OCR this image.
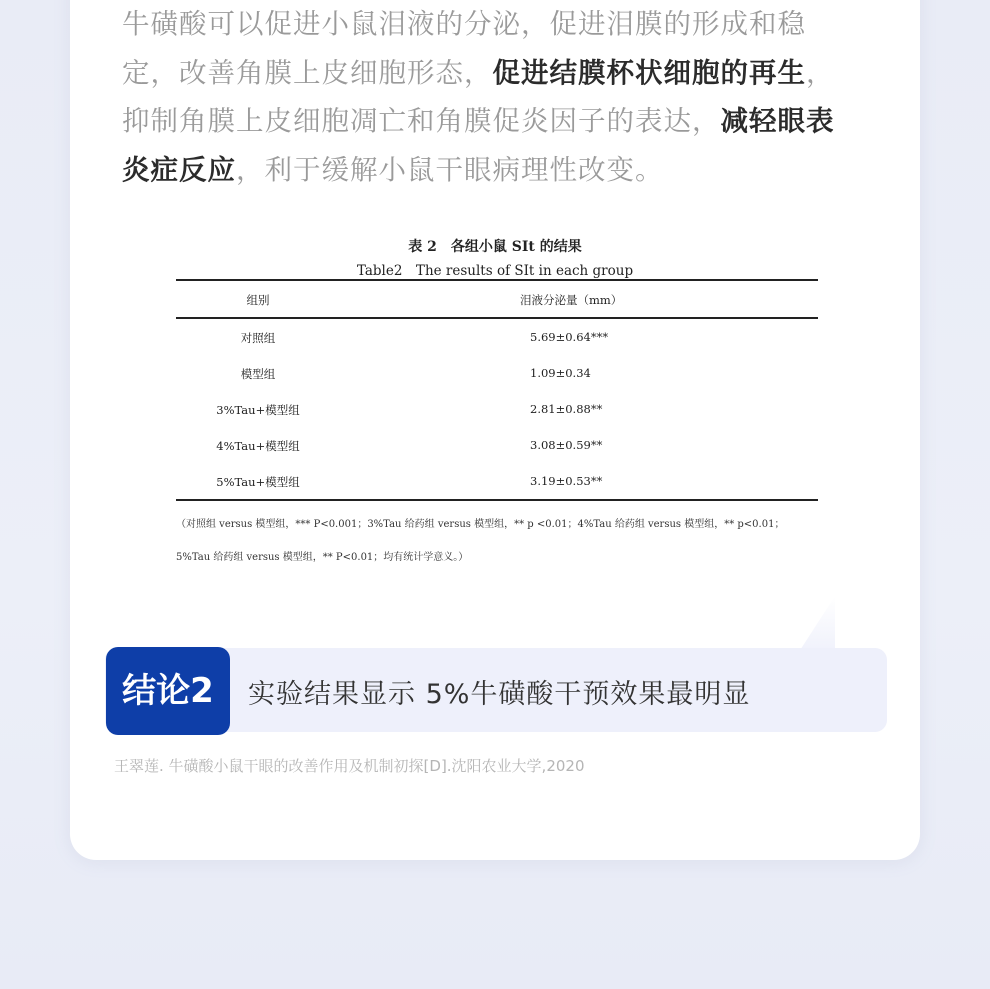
牛磺酸可以促进小鼠泪液的分泌，促进泪膜的形成和稳定，改善角膜上皮细胞形态，促进结膜杯状细胞的再生，抑制角膜上皮细胞凋亡和角膜促炎因子的表达，减轻眼表炎症反应，利于缓解小鼠干眼病理性改变。

表 2　各组小鼠 SIt 的结果
Table2　The results of SIt in each group
组别	泪液分泌量（mm）
对照组	5.69±0.64***
模型组	1.09±0.34
3%Tau+模型组	2.81±0.88**
4%Tau+模型组	3.08±0.59**
5%Tau+模型组	3.19±0.53**
（对照组 versus 模型组，*** P<0.001；3%Tau 给药组 versus 模型组，** p <0.01；4%Tau 给药组 versus 模型组，** p<0.01；
5%Tau 给药组 versus 模型组，** P<0.01；均有统计学意义。）
结论2	实验结果显示 5%牛磺酸干预效果最明显
王翠莲. 牛磺酸小鼠干眼的改善作用及机制初探[D].沈阳农业大学,2020
